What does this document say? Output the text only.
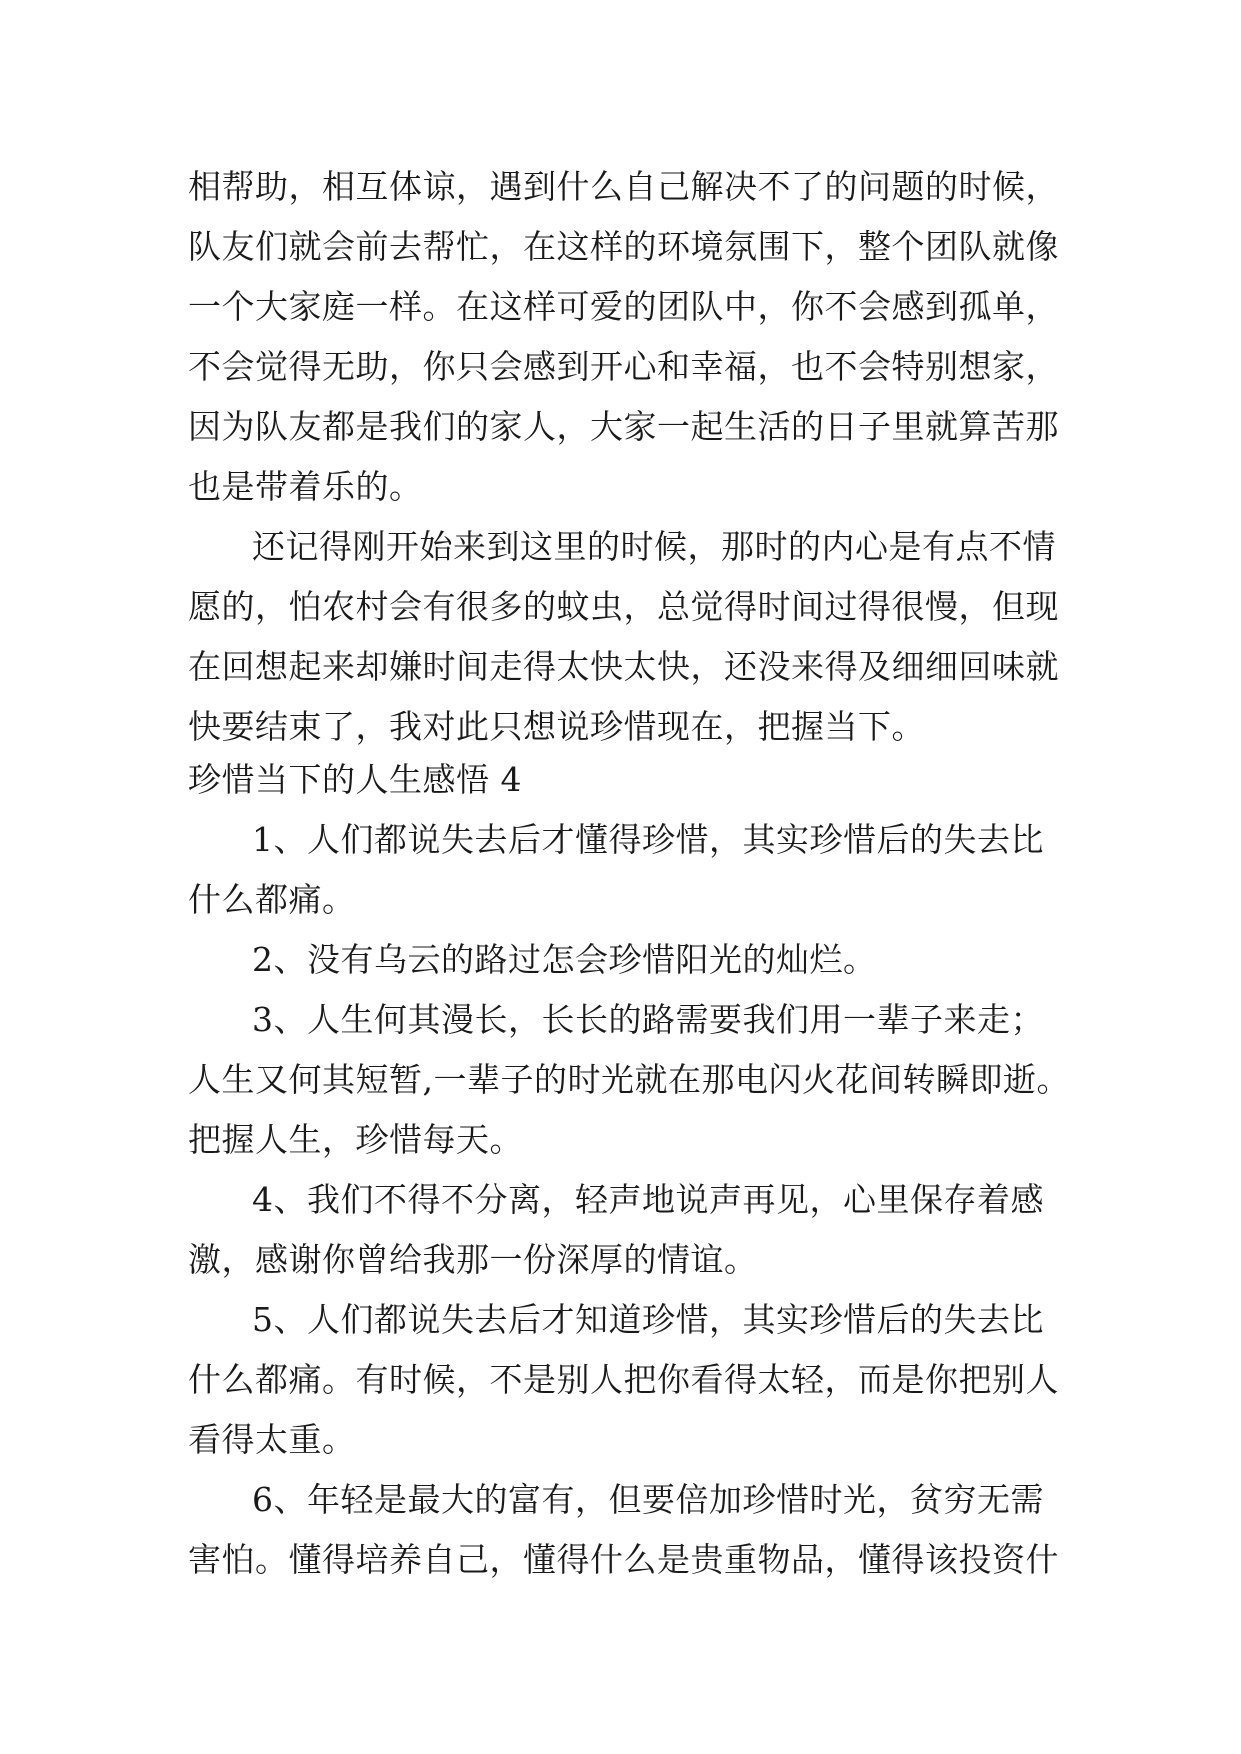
相帮助，相互体谅，遇到什么自己解决不了的问题的时候，
队友们就会前去帮忙，在这样的环境氛围下，整个团队就像
一个大家庭一样。在这样可爱的团队中，你不会感到孤单，
不会觉得无助，你只会感到开心和幸福，也不会特别想家，
因为队友都是我们的家人，大家一起生活的日子里就算苦那
也是带着乐的。
还记得刚开始来到这里的时候，那时的内心是有点不情
愿的，怕农村会有很多的蚊虫，总觉得时间过得很慢，但现
在回想起来却嫌时间走得太快太快，还没来得及细细回味就
快要结束了，我对此只想说珍惜现在，把握当下。
珍惜当下的人生感悟 4
1、人们都说失去后才懂得珍惜，其实珍惜后的失去比
什么都痛。
2、没有乌云的路过怎会珍惜阳光的灿烂。
3、人生何其漫长，长长的路需要我们用一辈子来走；
人生又何其短暂,一辈子的时光就在那电闪火花间转瞬即逝。
把握人生，珍惜每天。
4、我们不得不分离，轻声地说声再见，心里保存着感
激，感谢你曾给我那一份深厚的情谊。
5、人们都说失去后才知道珍惜，其实珍惜后的失去比
什么都痛。有时候，不是别人把你看得太轻，而是你把别人
看得太重。
6、年轻是最大的富有，但要倍加珍惜时光，贫穷无需
害怕。懂得培养自己，懂得什么是贵重物品，懂得该投资什
